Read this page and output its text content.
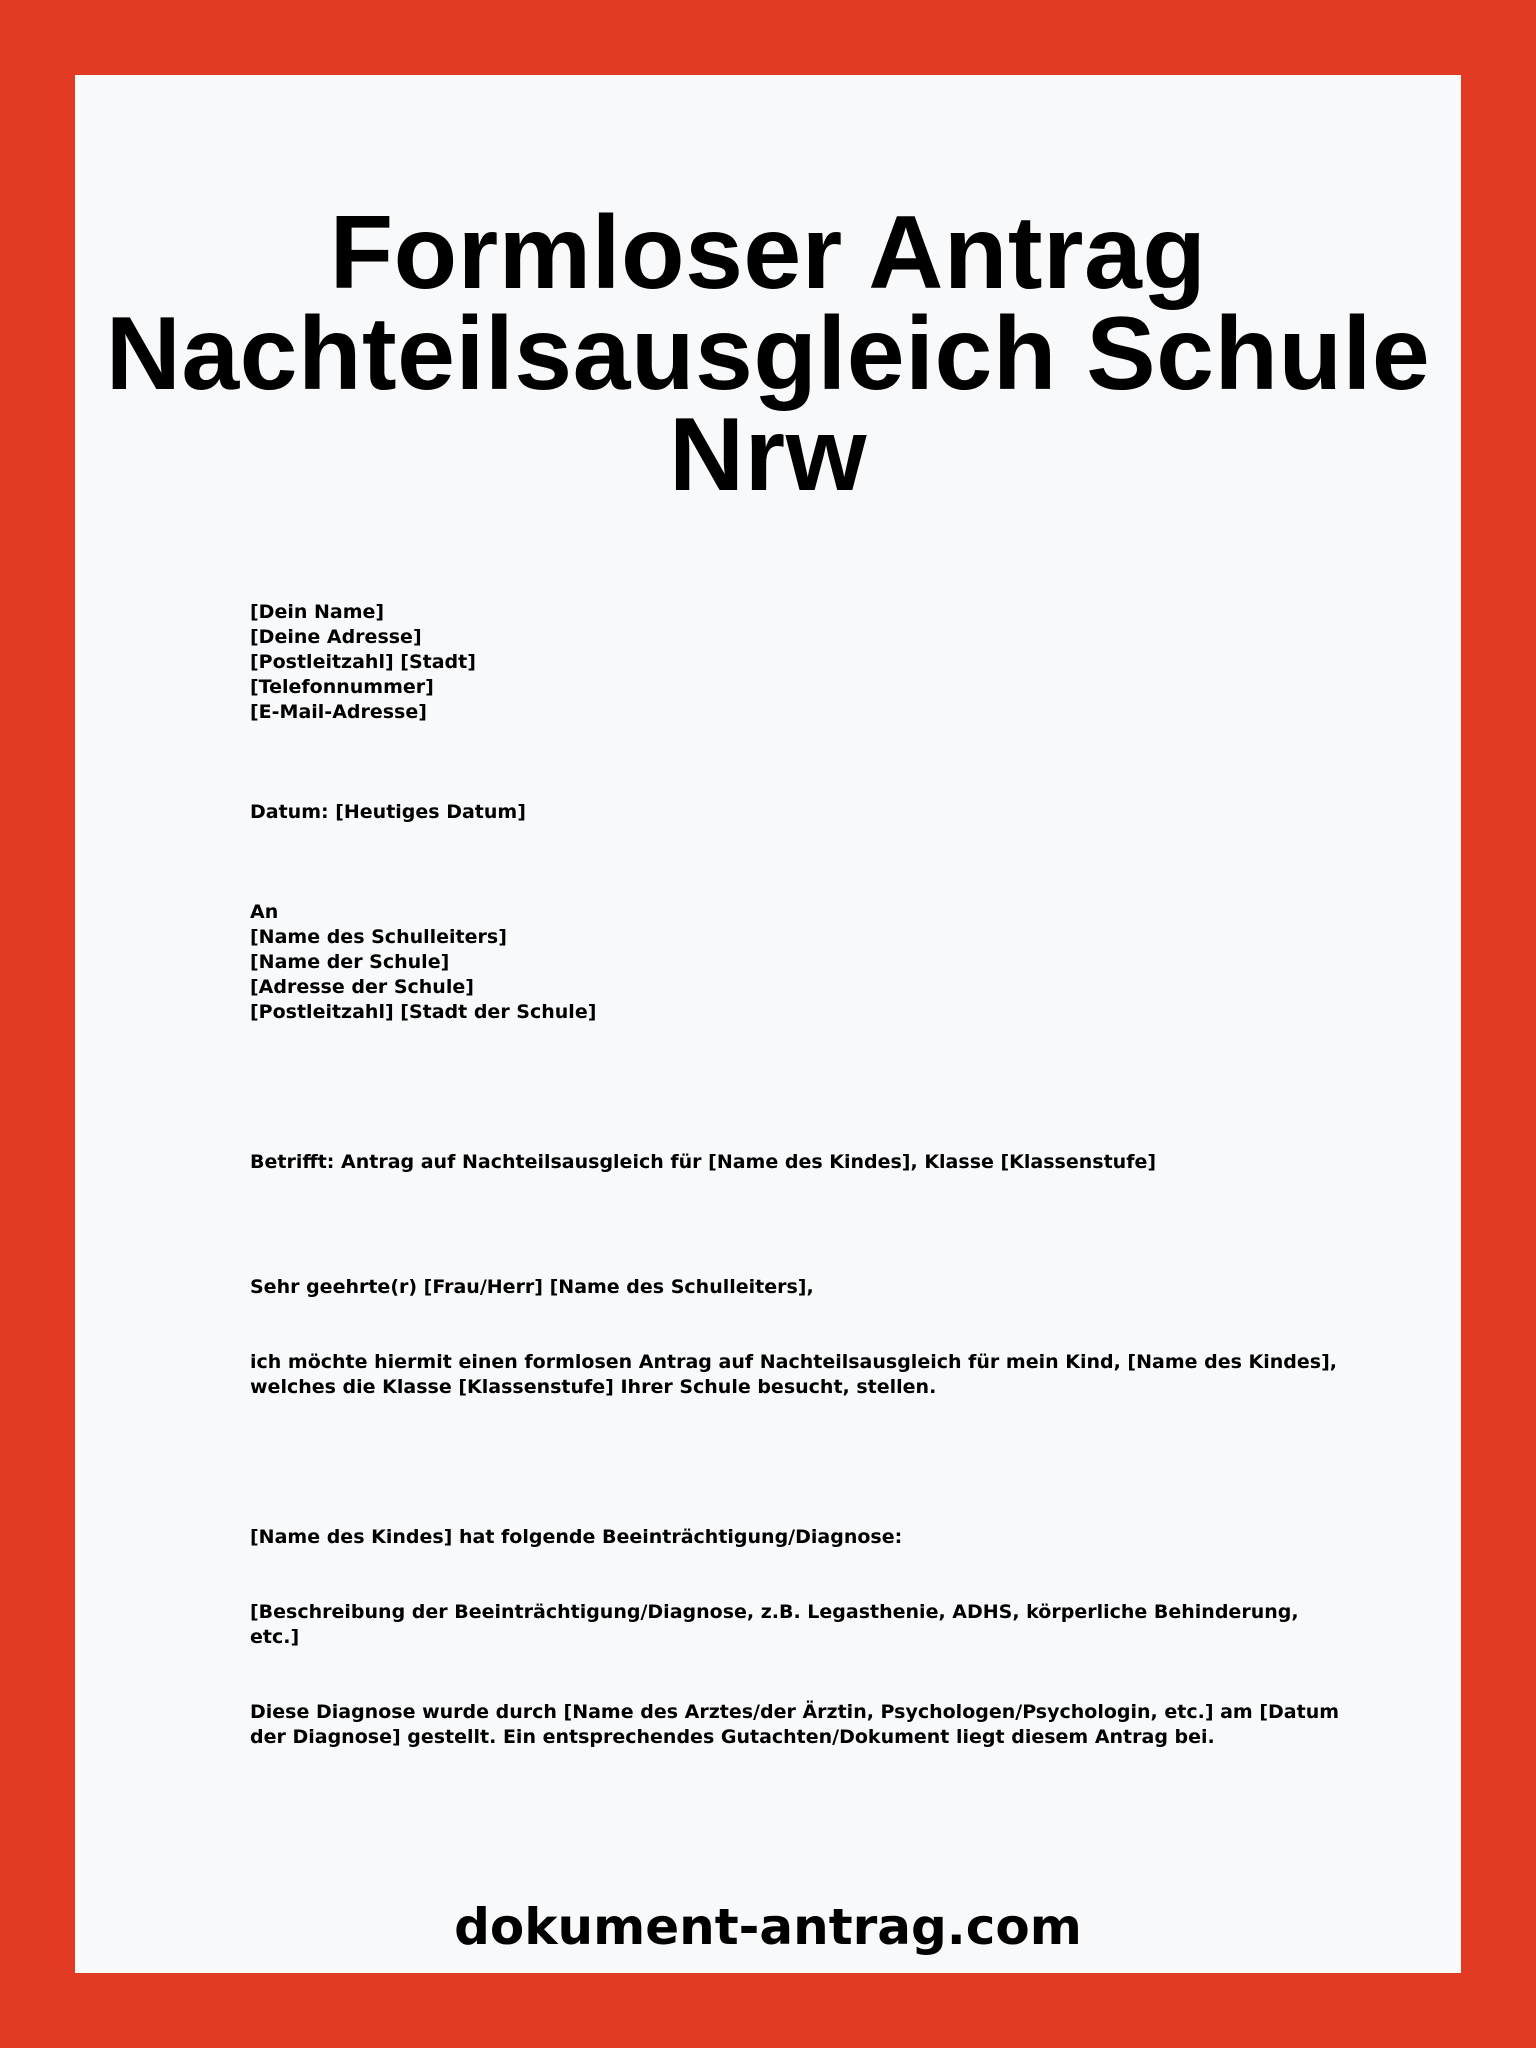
Formloser Antrag
Nachteilsausgleich Schule
Nrw

[Dein Name]
[Deine Adresse]
[Postleitzahl] [Stadt]
[Telefonnummer]
[E-Mail-Adresse]

Datum: [Heutiges Datum]

An
[Name des Schulleiters]
[Name der Schule]
[Adresse der Schule]
[Postleitzahl] [Stadt der Schule]

Betrifft: Antrag auf Nachteilsausgleich für [Name des Kindes], Klasse [Klassenstufe]

Sehr geehrte(r) [Frau/Herr] [Name des Schulleiters],

ich möchte hiermit einen formlosen Antrag auf Nachteilsausgleich für mein Kind, [Name des Kindes], welches die Klasse [Klassenstufe] Ihrer Schule besucht, stellen.

[Name des Kindes] hat folgende Beeinträchtigung/Diagnose:

[Beschreibung der Beeinträchtigung/Diagnose, z.B. Legasthenie, ADHS, körperliche Behinderung, etc.]

Diese Diagnose wurde durch [Name des Arztes/der Ärztin, Psychologen/Psychologin, etc.] am [Datum der Diagnose] gestellt. Ein entsprechendes Gutachten/Dokument liegt diesem Antrag bei.

dokument-antrag.com
